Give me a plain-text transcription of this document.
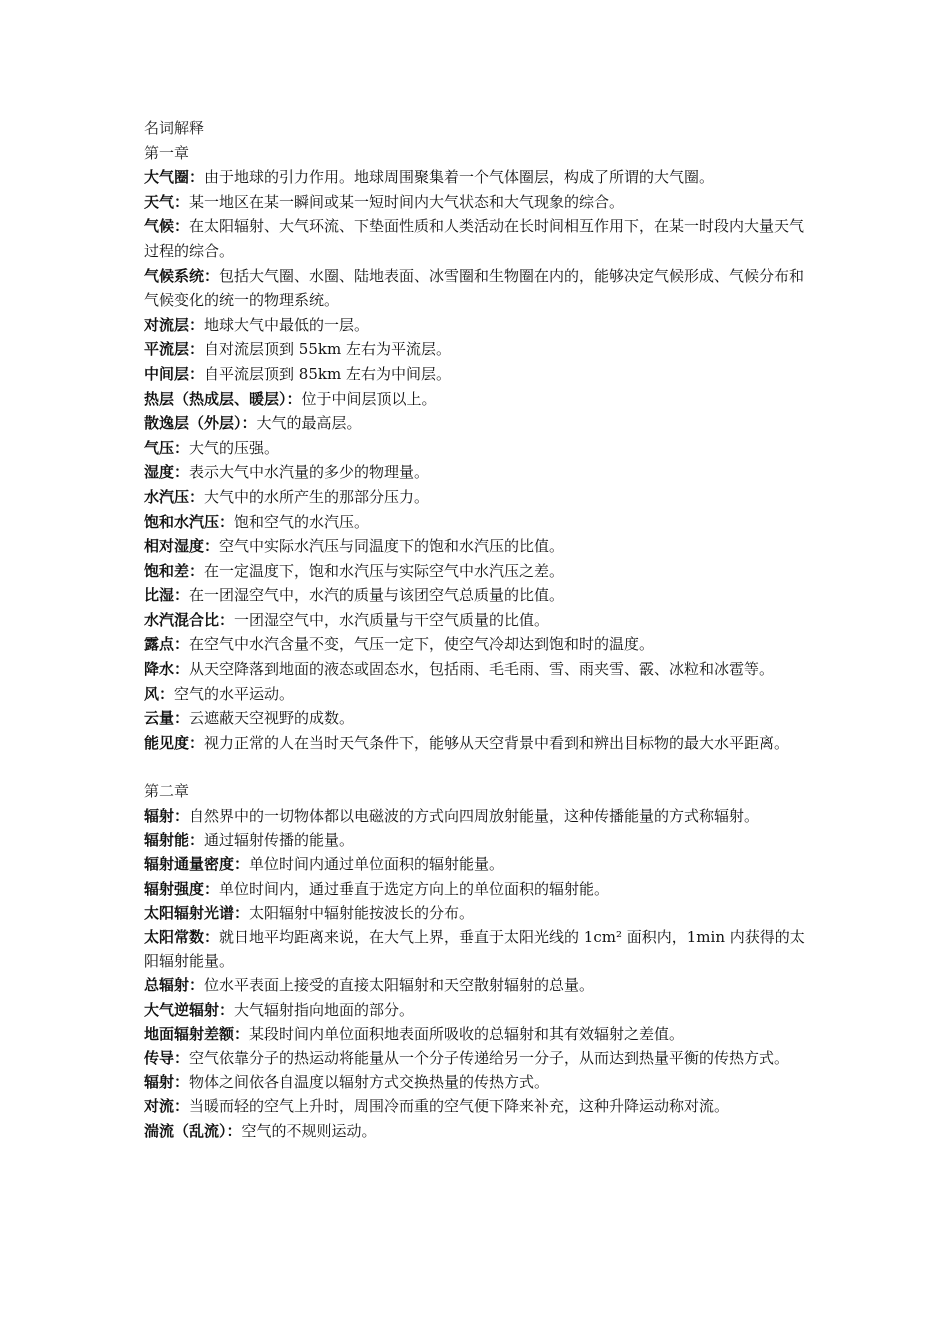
名词解释
第一章

大气圈：由于地球的引力作用。地球周围聚集着一个气体圈层，构成了所谓的大气圈。

天气：某一地区在某一瞬间或某一短时间内大气状态和大气现象的综合。

气候：在太阳辐射、大气环流、下垫面性质和人类活动在长时间相互作用下，在某一时段内大量天气过程的综合。

气候系统：包括大气圈、水圈、陆地表面、冰雪圈和生物圈在内的，能够决定气候形成、气候分布和气候变化的统一的物理系统。

对流层：地球大气中最低的一层。

平流层：自对流层顶到 55km 左右为平流层。

中间层：自平流层顶到 85km 左右为中间层。

热层（热成层、暖层）：位于中间层顶以上。

散逸层（外层）：大气的最高层。

气压：大气的压强。

湿度：表示大气中水汽量的多少的物理量。

水汽压：大气中的水所产生的那部分压力。

饱和水汽压：饱和空气的水汽压。

相对湿度：空气中实际水汽压与同温度下的饱和水汽压的比值。

饱和差：在一定温度下，饱和水汽压与实际空气中水汽压之差。

比湿：在一团湿空气中，水汽的质量与该团空气总质量的比值。

水汽混合比：一团湿空气中，水汽质量与干空气质量的比值。

露点：在空气中水汽含量不变，气压一定下，使空气冷却达到饱和时的温度。

降水：从天空降落到地面的液态或固态水，包括雨、毛毛雨、雪、雨夹雪、霰、冰粒和冰雹等。

风：空气的水平运动。

云量：云遮蔽天空视野的成数。

能见度：视力正常的人在当时天气条件下，能够从天空背景中看到和辨出目标物的最大水平距离。

第二章

辐射：自然界中的一切物体都以电磁波的方式向四周放射能量，这种传播能量的方式称辐射。

辐射能：通过辐射传播的能量。

辐射通量密度：单位时间内通过单位面积的辐射能量。

辐射强度：单位时间内，通过垂直于选定方向上的单位面积的辐射能。

太阳辐射光谱：太阳辐射中辐射能按波长的分布。

太阳常数：就日地平均距离来说，在大气上界，垂直于太阳光线的 1cm² 面积内，1min 内获得的太阳辐射能量。

总辐射：位水平表面上接受的直接太阳辐射和天空散射辐射的总量。

大气逆辐射：大气辐射指向地面的部分。

地面辐射差额：某段时间内单位面积地表面所吸收的总辐射和其有效辐射之差值。

传导：空气依靠分子的热运动将能量从一个分子传递给另一分子，从而达到热量平衡的传热方式。

辐射：物体之间依各自温度以辐射方式交换热量的传热方式。

对流：当暖而轻的空气上升时，周围冷而重的空气便下降来补充，这种升降运动称对流。

湍流（乱流）：空气的不规则运动。
